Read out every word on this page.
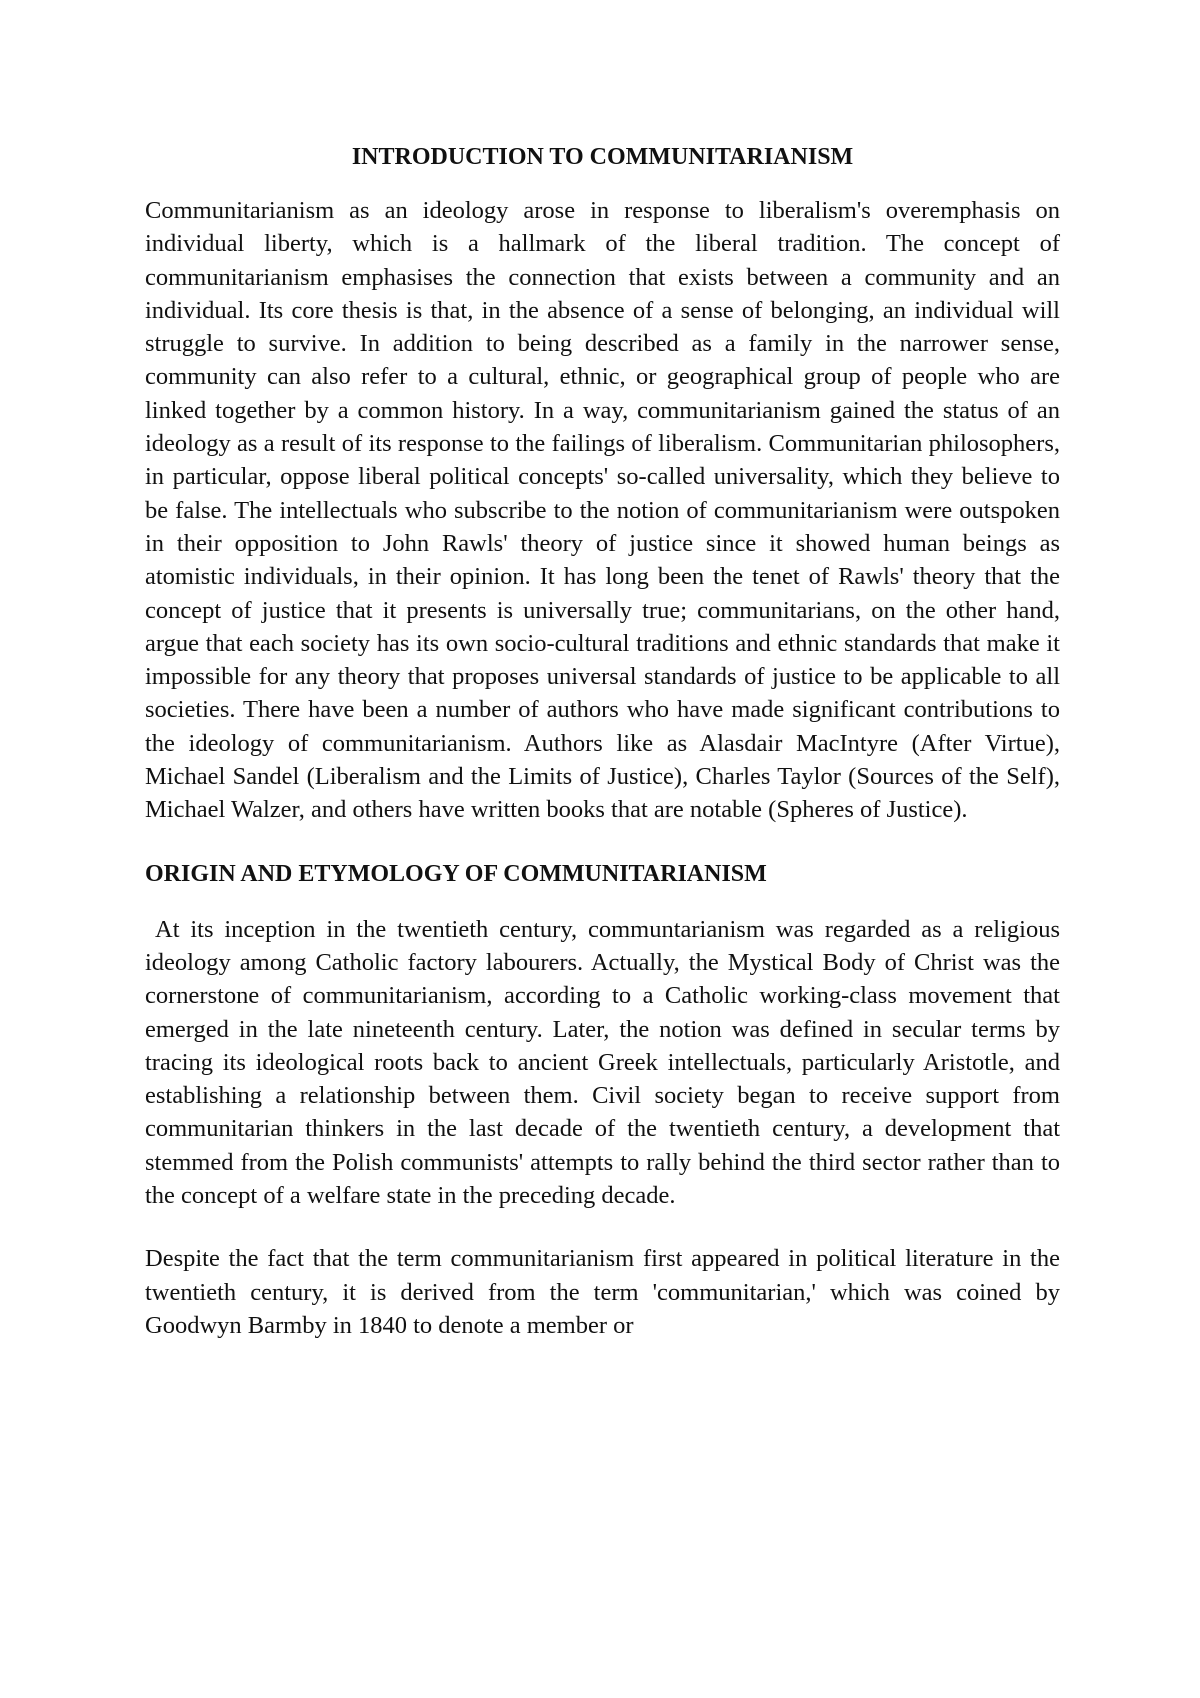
INTRODUCTION TO COMMUNITARIANISM

Communitarianism as an ideology arose in response to liberalism's overemphasis on individual liberty, which is a hallmark of the liberal tradition. The concept of communitarianism emphasises the connection that exists between a community and an individual. Its core thesis is that, in the absence of a sense of belonging, an individual will struggle to survive. In addition to being described as a family in the narrower sense, community can also refer to a cultural, ethnic, or geographical group of people who are linked together by a common history. In a way, communitarianism gained the status of an ideology as a result of its response to the failings of liberalism. Communitarian philosophers, in particular, oppose liberal political concepts' so-called universality, which they believe to be false. The intellectuals who subscribe to the notion of communitarianism were outspoken in their opposition to John Rawls' theory of justice since it showed human beings as atomistic individuals, in their opinion. It has long been the tenet of Rawls' theory that the concept of justice that it presents is universally true; communitarians, on the other hand, argue that each society has its own socio-cultural traditions and ethnic standards that make it impossible for any theory that proposes universal standards of justice to be applicable to all societies. There have been a number of authors who have made significant contributions to the ideology of communitarianism. Authors like as Alasdair MacIntyre (After Virtue), Michael Sandel (Liberalism and the Limits of Justice), Charles Taylor (Sources of the Self), Michael Walzer, and others have written books that are notable (Spheres of Justice).

ORIGIN AND ETYMOLOGY OF COMMUNITARIANISM

At its inception in the twentieth century, communtarianism was regarded as a religious ideology among Catholic factory labourers. Actually, the Mystical Body of Christ was the cornerstone of communitarianism, according to a Catholic working-class movement that emerged in the late nineteenth century. Later, the notion was defined in secular terms by tracing its ideological roots back to ancient Greek intellectuals, particularly Aristotle, and establishing a relationship between them. Civil society began to receive support from communitarian thinkers in the last decade of the twentieth century, a development that stemmed from the Polish communists' attempts to rally behind the third sector rather than to the concept of a welfare state in the preceding decade.

Despite the fact that the term communitarianism first appeared in political literature in the twentieth century, it is derived from the term 'communitarian,' which was coined by Goodwyn Barmby in 1840 to denote a member or
